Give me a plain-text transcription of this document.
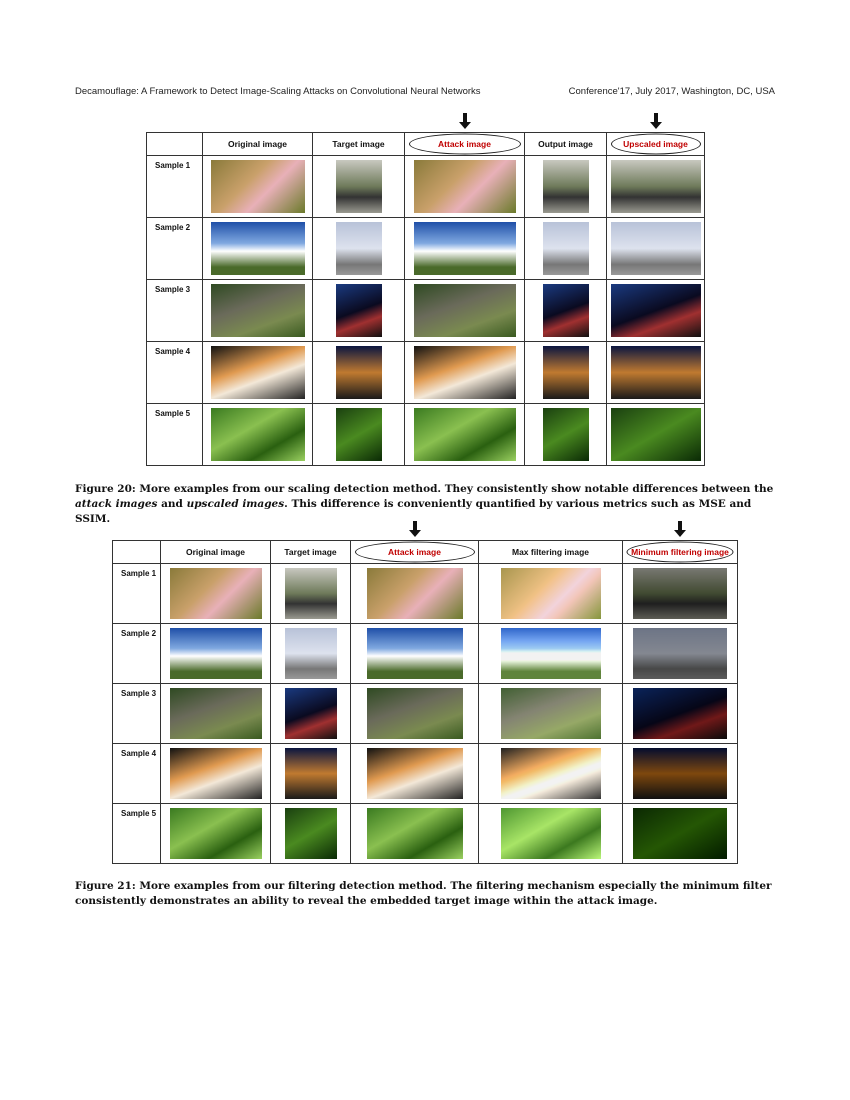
Decamouflage: A Framework to Detect Image-Scaling Attacks on Convolutional Neural Networks	Conference'17, July 2017, Washington, DC, USA
	Original image	Target image	Attack image	Output image	Upscaled image
Sample 1	

Sample 2	

Sample 3	

Sample 4	

Sample 5	

Figure 20: More examples from our scaling detection method. They consistently show notable differences between the attack images and upscaled images. This difference is conveniently quantified by various metrics such as MSE and SSIM.
	Original image	Target image	Attack image	Max filtering image	Minimum filtering image
Sample 1	

Sample 2	

Sample 3	

Sample 4	

Sample 5	

Figure 21: More examples from our filtering detection method. The filtering mechanism especially the minimum filter consistently demonstrates an ability to reveal the embedded target image within the attack image.
